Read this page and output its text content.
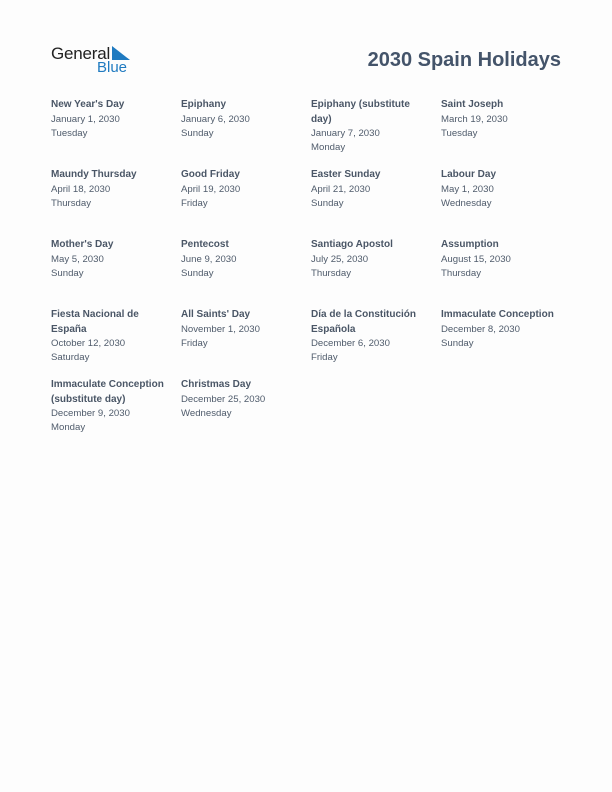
General
Blue	2030 Spain Holidays
New Year's Day
January 1, 2030
Tuesday
Epiphany
January 6, 2030
Sunday
Epiphany (substitute day)
January 7, 2030
Monday
Saint Joseph
March 19, 2030
Tuesday
Maundy Thursday
April 18, 2030
Thursday
Good Friday
April 19, 2030
Friday
Easter Sunday
April 21, 2030
Sunday
Labour Day
May 1, 2030
Wednesday
Mother's Day
May 5, 2030
Sunday
Pentecost
June 9, 2030
Sunday
Santiago Apostol
July 25, 2030
Thursday
Assumption
August 15, 2030
Thursday
Fiesta Nacional de España
October 12, 2030
Saturday
All Saints' Day
November 1, 2030
Friday
Día de la Constitución Española
December 6, 2030
Friday
Immaculate Conception
December 8, 2030
Sunday
Immaculate Conception (substitute day)
December 9, 2030
Monday
Christmas Day
December 25, 2030
Wednesday
